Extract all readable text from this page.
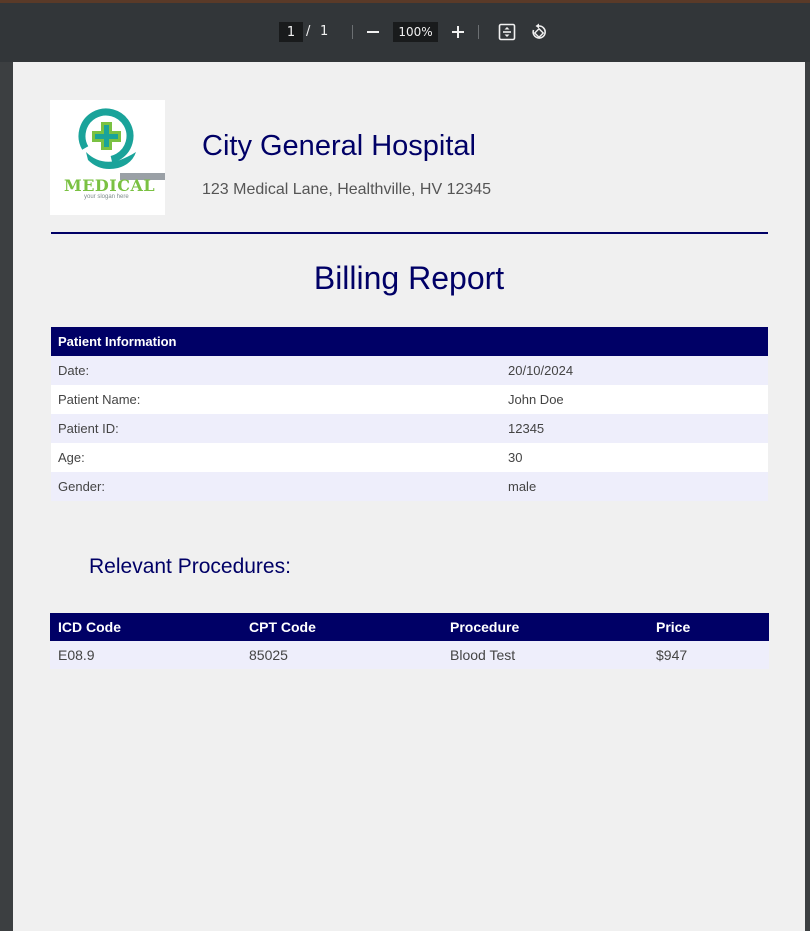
1
/ 1	100%
MEDICAL
your slogan here
City General Hospital
123 Medical Lane, Healthville, HV 12345
Billing Report
Patient Information	
Date:	20/10/2024
Patient Name:	John Doe
Patient ID:	12345
Age:	30
Gender:	male
Relevant Procedures:
ICD Code	CPT Code	Procedure	Price
E08.9	85025	Blood Test	$947
